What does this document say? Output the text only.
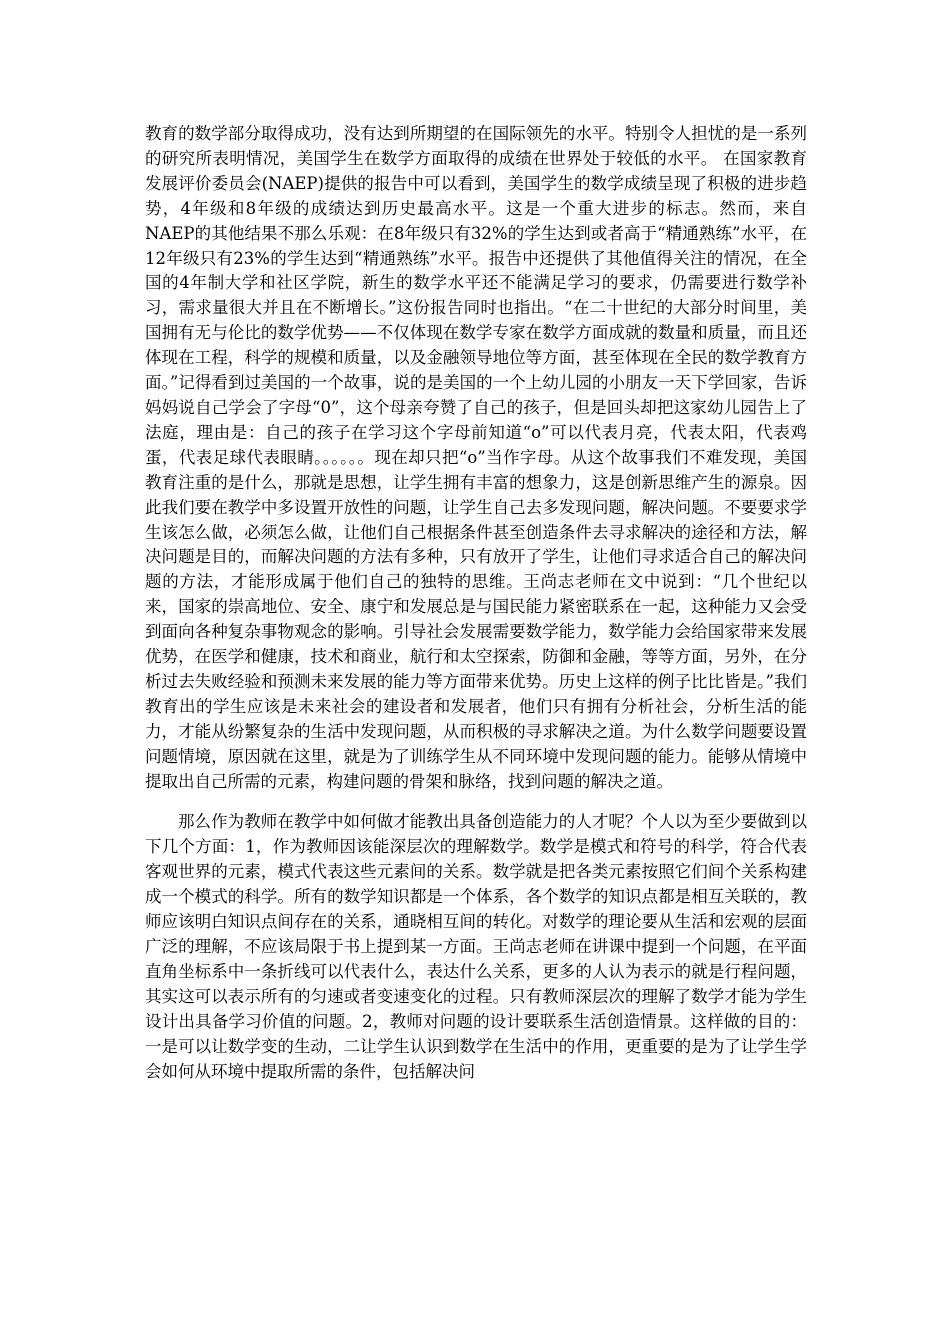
教育的数学部分取得成功，没有达到所期望的在国际领先的水平。特别令人担忧的是一系列的研究所表明情况，美国学生在数学方面取得的成绩在世界处于较低的水平。 在国家教育发展评价委员会(NAEP)提供的报告中可以看到，美国学生的数学成绩呈现了积极的进步趋势，4年级和8年级的成绩达到历史最高水平。这是一个重大进步的标志。然而，来自NAEP的其他结果不那么乐观：在8年级只有32%的学生达到或者高于“精通熟练”水平，在12年级只有23%的学生达到“精通熟练”水平。报告中还提供了其他值得关注的情况，在全国的4年制大学和社区学院，新生的数学水平还不能满足学习的要求，仍需要进行数学补习，需求量很大并且在不断增长。”这份报告同时也指出。“在二十世纪的大部分时间里，美国拥有无与伦比的数学优势——不仅体现在数学专家在数学方面成就的数量和质量，而且还体现在工程，科学的规模和质量，以及金融领导地位等方面，甚至体现在全民的数学教育方面。”记得看到过美国的一个故事，说的是美国的一个上幼儿园的小朋友一天下学回家，告诉妈妈说自己学会了字母“0”，这个母亲夸赞了自己的孩子，但是回头却把这家幼儿园告上了法庭，理由是：自己的孩子在学习这个字母前知道“o”可以代表月亮，代表太阳，代表鸡蛋，代表足球代表眼睛。。。。。。现在却只把“o”当作字母。从这个故事我们不难发现，美国教育注重的是什么，那就是思想，让学生拥有丰富的想象力，这是创新思维产生的源泉。因此我们要在教学中多设置开放性的问题，让学生自己去多发现问题，解决问题。不要要求学生该怎么做，必须怎么做，让他们自己根据条件甚至创造条件去寻求解决的途径和方法，解决问题是目的，而解决问题的方法有多种，只有放开了学生，让他们寻求适合自己的解决问题的方法，才能形成属于他们自己的独特的思维。王尚志老师在文中说到：“几个世纪以来，国家的崇高地位、安全、康宁和发展总是与国民能力紧密联系在一起，这种能力又会受到面向各种复杂事物观念的影响。引导社会发展需要数学能力，数学能力会给国家带来发展优势，在医学和健康，技术和商业，航行和太空探索，防御和金融，等等方面，另外，在分析过去失败经验和预测未来发展的能力等方面带来优势。历史上这样的例子比比皆是。”我们教育出的学生应该是未来社会的建设者和发展者，他们只有拥有分析社会，分析生活的能力，才能从纷繁复杂的生活中发现问题，从而积极的寻求解决之道。为什么数学问题要设置问题情境，原因就在这里，就是为了训练学生从不同环境中发现问题的能力。能够从情境中提取出自己所需的元素，构建问题的骨架和脉络，找到问题的解决之道。

那么作为教师在教学中如何做才能教出具备创造能力的人才呢？个人以为至少要做到以下几个方面：1，作为教师因该能深层次的理解数学。数学是模式和符号的科学，符合代表客观世界的元素，模式代表这些元素间的关系。数学就是把各类元素按照它们间个关系构建成一个模式的科学。所有的数学知识都是一个体系，各个数学的知识点都是相互关联的，教师应该明白知识点间存在的关系，通晓相互间的转化。对数学的理论要从生活和宏观的层面广泛的理解，不应该局限于书上提到某一方面。王尚志老师在讲课中提到一个问题，在平面直角坐标系中一条折线可以代表什么，表达什么关系，更多的人认为表示的就是行程问题，其实这可以表示所有的匀速或者变速变化的过程。只有教师深层次的理解了数学才能为学生设计出具备学习价值的问题。2，教师对问题的设计要联系生活创造情景。这样做的目的：一是可以让数学变的生动，二让学生认识到数学在生活中的作用，更重要的是为了让学生学会如何从环境中提取所需的条件，包括解决问
